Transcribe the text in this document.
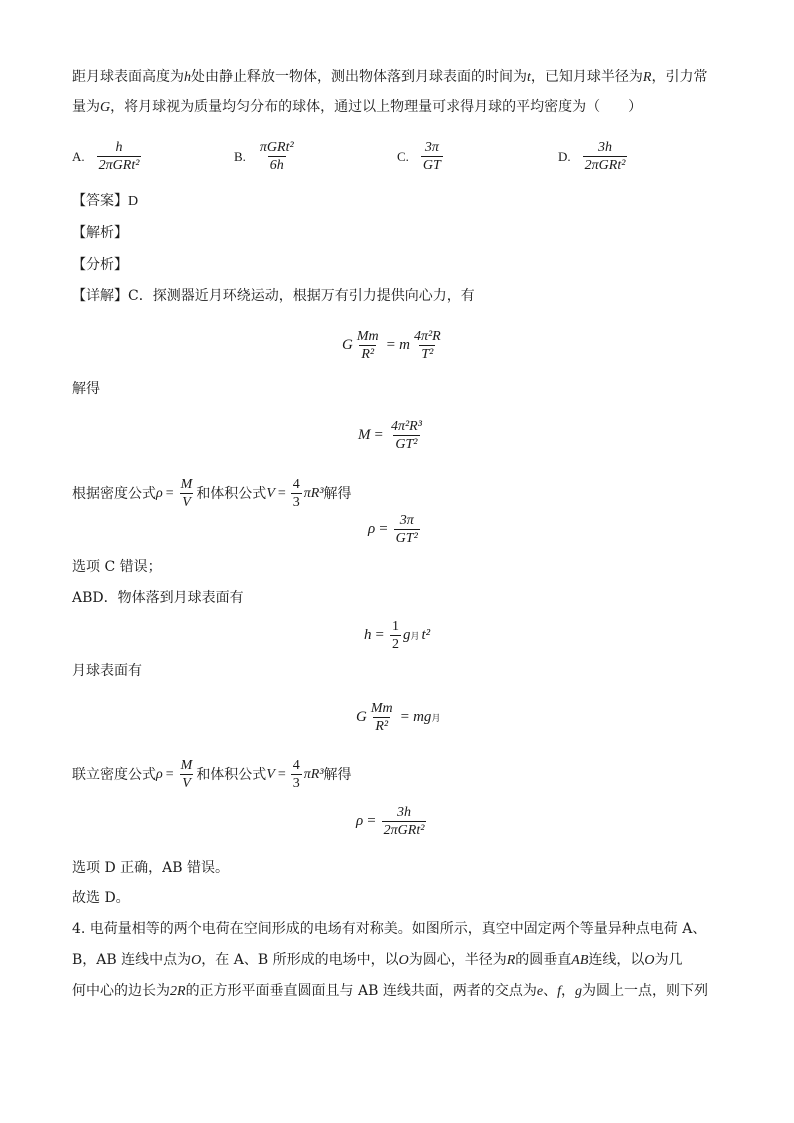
距月球表面高度为h处由静止释放一物体，测出物体落到月球表面的时间为t，已知月球半径为R，引力常
量为G，将月球视为质量均匀分布的球体，通过以上物理量可求得月球的平均密度为（　　）
A. $\frac{h}{\text{2πGRt²}}$	B. $\frac{\text{πGRt²}}{6h}$	C. $\frac{3\pi}{GT}$	D. $\frac{3h}{\text{2πGRt²}}$
【答案】D
【解析】
【分析】
【详解】C．探测器近月环绕运动，根据万有引力提供向心力，有
G $\frac{Mm}{\text{R²}} = m \frac{\text{4π²R}}{\text{T²}}$
解得
$M = \frac{\text{4π²R³}}{\text{GT²}}$
根据密度公式 $\rho = \frac{M}{V}$ 和体积公式 $V = \frac{4}{3} \pi R^3$ 解得
$\rho = \frac{3\pi}{\text{GT²}}$
选项 C 错误；
ABD．物体落到月球表面有
$h = \frac{1}{2}$ g 月 t²
月球表面有
G $\frac{Mm}{\text{R²}}$ = mg 月
联立密度公式 $\rho = \frac{M}{V}$ 和体积公式 $V = \frac{4}{3} \pi R^3$ 解得
$\rho = \frac{3h}{\text{2πGRt²}}$
选项 D 正确，AB 错误。
故选 D。
4. 电荷量相等的两个电荷在空间形成的电场有对称美。如图所示，真空中固定两个等量异种点电荷 A、
B，AB 连线中点为O，在 A、B 所形成的电场中，以O为圆心，半径为R的圆垂直AB连线，以O为几
何中心的边长为2R的正方形平面垂直圆面且与 AB 连线共面，两者的交点为e、f，g为圆上一点，则下列
